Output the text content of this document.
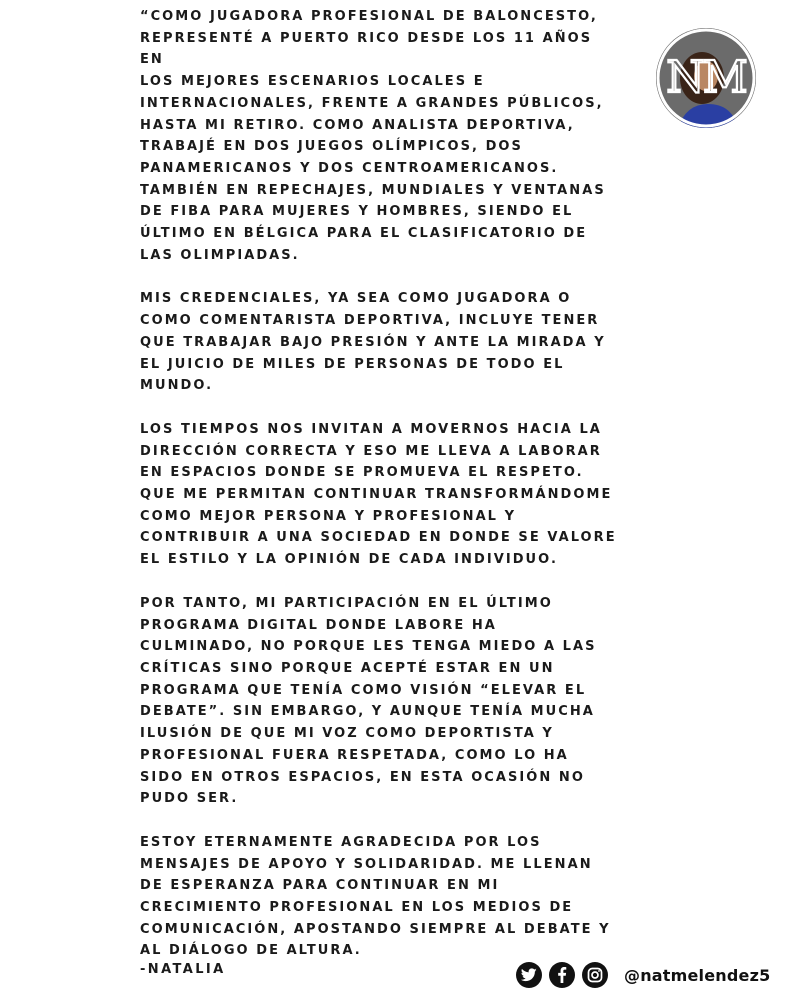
“COMO JUGADORA PROFESIONAL DE BALONCESTO,
REPRESENTÉ A PUERTO RICO DESDE LOS 11 AÑOS EN
LOS MEJORES ESCENARIOS LOCALES E
INTERNACIONALES, FRENTE A GRANDES PÚBLICOS,
HASTA MI RETIRO. COMO ANALISTA DEPORTIVA,
TRABAJÉ EN DOS JUEGOS OLÍMPICOS, DOS
PANAMERICANOS Y DOS CENTROAMERICANOS.
TAMBIÉN EN REPECHAJES, MUNDIALES Y VENTANAS
DE FIBA PARA MUJERES Y HOMBRES, SIENDO EL
ÚLTIMO EN BÉLGICA PARA EL CLASIFICATORIO DE
LAS OLIMPIADAS.

MIS CREDENCIALES, YA SEA COMO JUGADORA O
COMO COMENTARISTA DEPORTIVA, INCLUYE TENER
QUE TRABAJAR BAJO PRESIÓN Y ANTE LA MIRADA Y
EL JUICIO DE MILES DE PERSONAS DE TODO EL
MUNDO.

LOS TIEMPOS NOS INVITAN A MOVERNOS HACIA LA
DIRECCIÓN CORRECTA Y ESO ME LLEVA A LABORAR
EN ESPACIOS DONDE SE PROMUEVA EL RESPETO.
QUE ME PERMITAN CONTINUAR TRANSFORMÁNDOME
COMO MEJOR PERSONA Y PROFESIONAL Y
CONTRIBUIR A UNA SOCIEDAD EN DONDE SE VALORE
EL ESTILO Y LA OPINIÓN DE CADA INDIVIDUO.

POR TANTO, MI PARTICIPACIÓN EN EL ÚLTIMO
PROGRAMA DIGITAL DONDE LABORE HA
CULMINADO, NO PORQUE LES TENGA MIEDO A LAS
CRÍTICAS SINO PORQUE ACEPTÉ ESTAR EN UN
PROGRAMA QUE TENÍA COMO VISIÓN “ELEVAR EL
DEBATE”. SIN EMBARGO, Y AUNQUE TENÍA MUCHA
ILUSIÓN DE QUE MI VOZ COMO DEPORTISTA Y
PROFESIONAL FUERA RESPETADA, COMO LO HA
SIDO EN OTROS ESPACIOS, EN ESTA OCASIÓN NO
PUDO SER.

ESTOY ETERNAMENTE AGRADECIDA POR LOS
MENSAJES DE APOYO Y SOLIDARIDAD. ME LLENAN
DE ESPERANZA PARA CONTINUAR EN MI
CRECIMIENTO PROFESIONAL EN LOS MEDIOS DE
COMUNICACIÓN, APOSTANDO SIEMPRE AL DEBATE Y
AL DIÁLOGO DE ALTURA.

NM
-NATALIA	@natmelendez5
